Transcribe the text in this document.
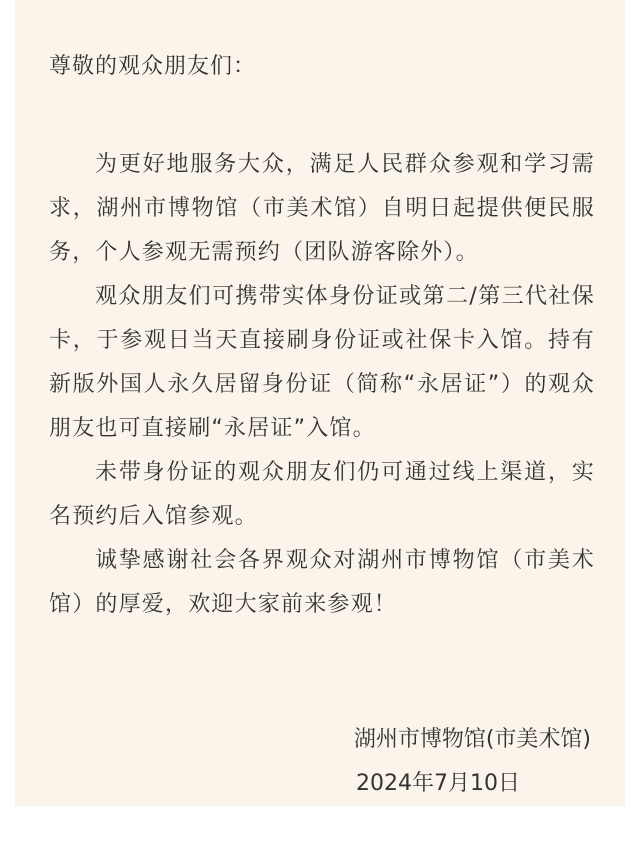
尊敬的观众朋友们：

为更好地服务大众，满足人民群众参观和学习需求，湖州市博物馆（市美术馆）自明日起提供便民服务，个人参观无需预约（团队游客除外）。

观众朋友们可携带实体身份证或第二/第三代社保卡，于参观日当天直接刷身份证或社保卡入馆。持有新版外国人永久居留身份证（简称“永居证”）的观众朋友也可直接刷“永居证”入馆。

未带身份证的观众朋友们仍可通过线上渠道，实名预约后入馆参观。

诚挚感谢社会各界观众对湖州市博物馆（市美术馆）的厚爱，欢迎大家前来参观！

湖州市博物馆(市美术馆)

2024年7月10日
